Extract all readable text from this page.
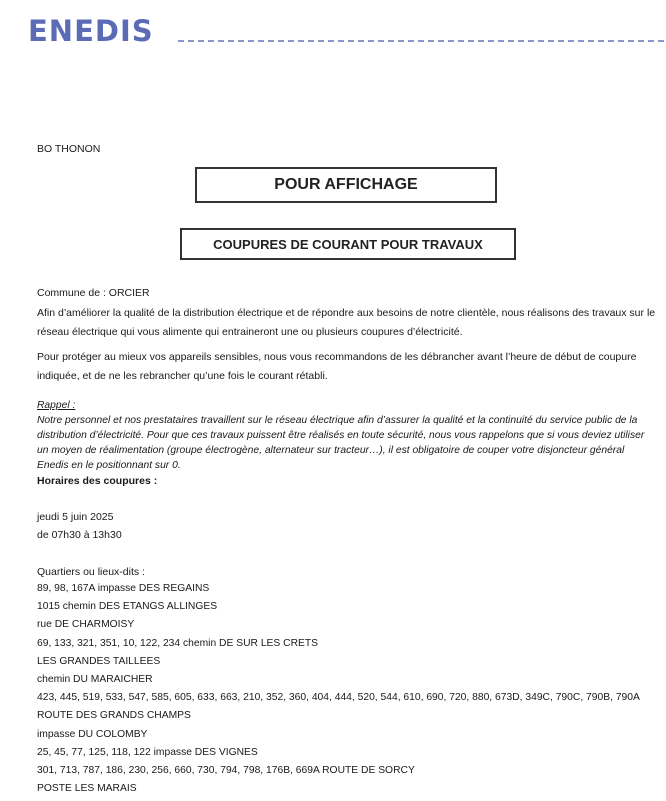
ENEDIS
BO THONON
POUR AFFICHAGE
COUPURES DE COURANT POUR TRAVAUX
Commune de : ORCIER
Afin d’améliorer la qualité de la distribution électrique et de répondre aux besoins de notre clientèle, nous réalisons des travaux sur le réseau électrique qui vous alimente qui entraineront une ou plusieurs coupures d’électricité.
Pour protéger au mieux vos appareils sensibles, nous vous recommandons de les débrancher avant l’heure de début de coupure indiquée, et de ne les rebrancher qu’une fois le courant rétabli.
Rappel :
Notre personnel et nos prestataires travaillent sur le réseau électrique afin d’assurer la qualité et la continuité du service public de la distribution d’électricité. Pour que ces travaux puissent être réalisés en toute sécurité, nous vous rappelons que si vous deviez utiliser un moyen de réalimentation (groupe électrogène, alternateur sur tracteur…), il est obligatoire de couper votre disjoncteur général Enedis en le positionnant sur 0.
Horaires des coupures :
jeudi 5 juin 2025
de 07h30 à 13h30
Quartiers ou lieux-dits :
89, 98, 167A impasse DES REGAINS
1015 chemin DES ETANGS ALLINGES
rue DE CHARMOISY
69, 133, 321, 351, 10, 122, 234 chemin DE SUR LES CRETS
LES GRANDES TAILLEES
chemin DU MARAICHER
423, 445, 519, 533, 547, 585, 605, 633, 663, 210, 352, 360, 404, 444, 520, 544, 610, 690, 720, 880, 673D, 349C, 790C, 790B, 790A
ROUTE DES GRANDS CHAMPS
impasse DU COLOMBY
25, 45, 77, 125, 118, 122 impasse DES VIGNES
301, 713, 787, 186, 230, 256, 660, 730, 794, 798, 176B, 669A ROUTE DE SORCY
POSTE LES MARAIS
